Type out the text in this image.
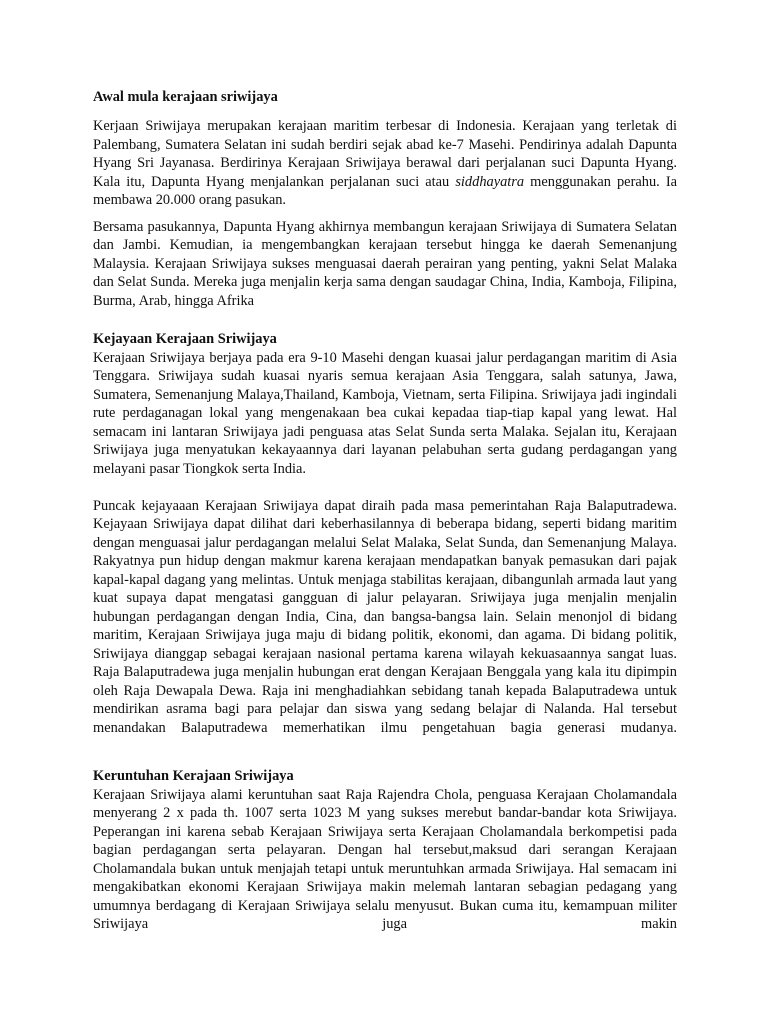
Awal mula kerajaan sriwijaya

Kerjaan Sriwijaya merupakan kerajaan maritim terbesar di Indonesia. Kerajaan yang terletak di Palembang, Sumatera Selatan ini sudah berdiri sejak abad ke-7 Masehi. Pendirinya adalah Dapunta Hyang Sri Jayanasa. Berdirinya Kerajaan Sriwijaya berawal dari perjalanan suci Dapunta Hyang. Kala itu, Dapunta Hyang menjalankan perjalanan suci atau siddhayatra menggunakan perahu. Ia membawa 20.000 orang pasukan.

Bersama pasukannya, Dapunta Hyang akhirnya membangun kerajaan Sriwijaya di Sumatera Selatan dan Jambi. Kemudian, ia mengembangkan kerajaan tersebut hingga ke daerah Semenanjung Malaysia. Kerajaan Sriwijaya sukses menguasai daerah perairan yang penting, yakni Selat Malaka dan Selat Sunda. Mereka juga menjalin kerja sama dengan saudagar China, India, Kamboja, Filipina, Burma, Arab, hingga Afrika

Kejayaan Kerajaan Sriwijaya

Kerajaan Sriwijaya berjaya pada era 9-10 Masehi dengan kuasai jalur perdagangan maritim di Asia Tenggara. Sriwijaya sudah kuasai nyaris semua kerajaan Asia Tenggara, salah satunya, Jawa, Sumatera, Semenanjung Malaya,Thailand, Kamboja, Vietnam, serta Filipina. Sriwijaya jadi ingindali rute perdaganagan lokal yang mengenakaan bea cukai kepadaa tiap-tiap kapal yang lewat. Hal semacam ini lantaran Sriwijaya jadi penguasa atas Selat Sunda serta Malaka. Sejalan itu, Kerajaan Sriwijaya juga menyatukan kekayaannya dari layanan pelabuhan serta gudang perdagangan yang melayani pasar Tiongkok serta India.

Puncak kejayaaan Kerajaan Sriwijaya dapat diraih pada masa pemerintahan Raja Balaputradewa. Kejayaan Sriwijaya dapat dilihat dari keberhasilannya di beberapa bidang, seperti bidang maritim dengan menguasai jalur perdagangan melalui Selat Malaka, Selat Sunda, dan Semenanjung Malaya. Rakyatnya pun hidup dengan makmur karena kerajaan mendapatkan banyak pemasukan dari pajak kapal-kapal dagang yang melintas. Untuk menjaga stabilitas kerajaan, dibangunlah armada laut yang kuat supaya dapat mengatasi gangguan di jalur pelayaran. Sriwijaya juga menjalin menjalin hubungan perdagangan dengan India, Cina, dan bangsa-bangsa lain. Selain menonjol di bidang maritim, Kerajaan Sriwijaya juga maju di bidang politik, ekonomi, dan agama. Di bidang politik, Sriwijaya dianggap sebagai kerajaan nasional pertama karena wilayah kekuasaannya sangat luas. Raja Balaputradewa juga menjalin hubungan erat dengan Kerajaan Benggala yang kala itu dipimpin oleh Raja Dewapala Dewa. Raja ini menghadiahkan sebidang tanah kepada Balaputradewa untuk mendirikan asrama bagi para pelajar dan siswa yang sedang belajar di Nalanda. Hal tersebut menandakan Balaputradewa memerhatikan ilmu pengetahuan bagia generasi mudanya.

Keruntuhan Kerajaan Sriwijaya

Kerajaan Sriwijaya alami keruntuhan saat Raja Rajendra Chola, penguasa Kerajaan Cholamandala menyerang 2 x pada th. 1007 serta 1023 M yang sukses merebut bandar-bandar kota Sriwijaya. Peperangan ini karena sebab Kerajaan Sriwijaya serta Kerajaan Cholamandala berkompetisi pada bagian perdagangan serta pelayaran. Dengan hal tersebut,maksud dari serangan Kerajaan Cholamandala bukan untuk menjajah tetapi untuk meruntuhkan armada Sriwijaya. Hal semacam ini mengakibatkan ekonomi Kerajaan Sriwijaya makin melemah lantaran sebagian pedagang yang umumnya berdagang di Kerajaan Sriwijaya selalu menyusut. Bukan cuma itu, kemampuan militer Sriwijaya juga makin
